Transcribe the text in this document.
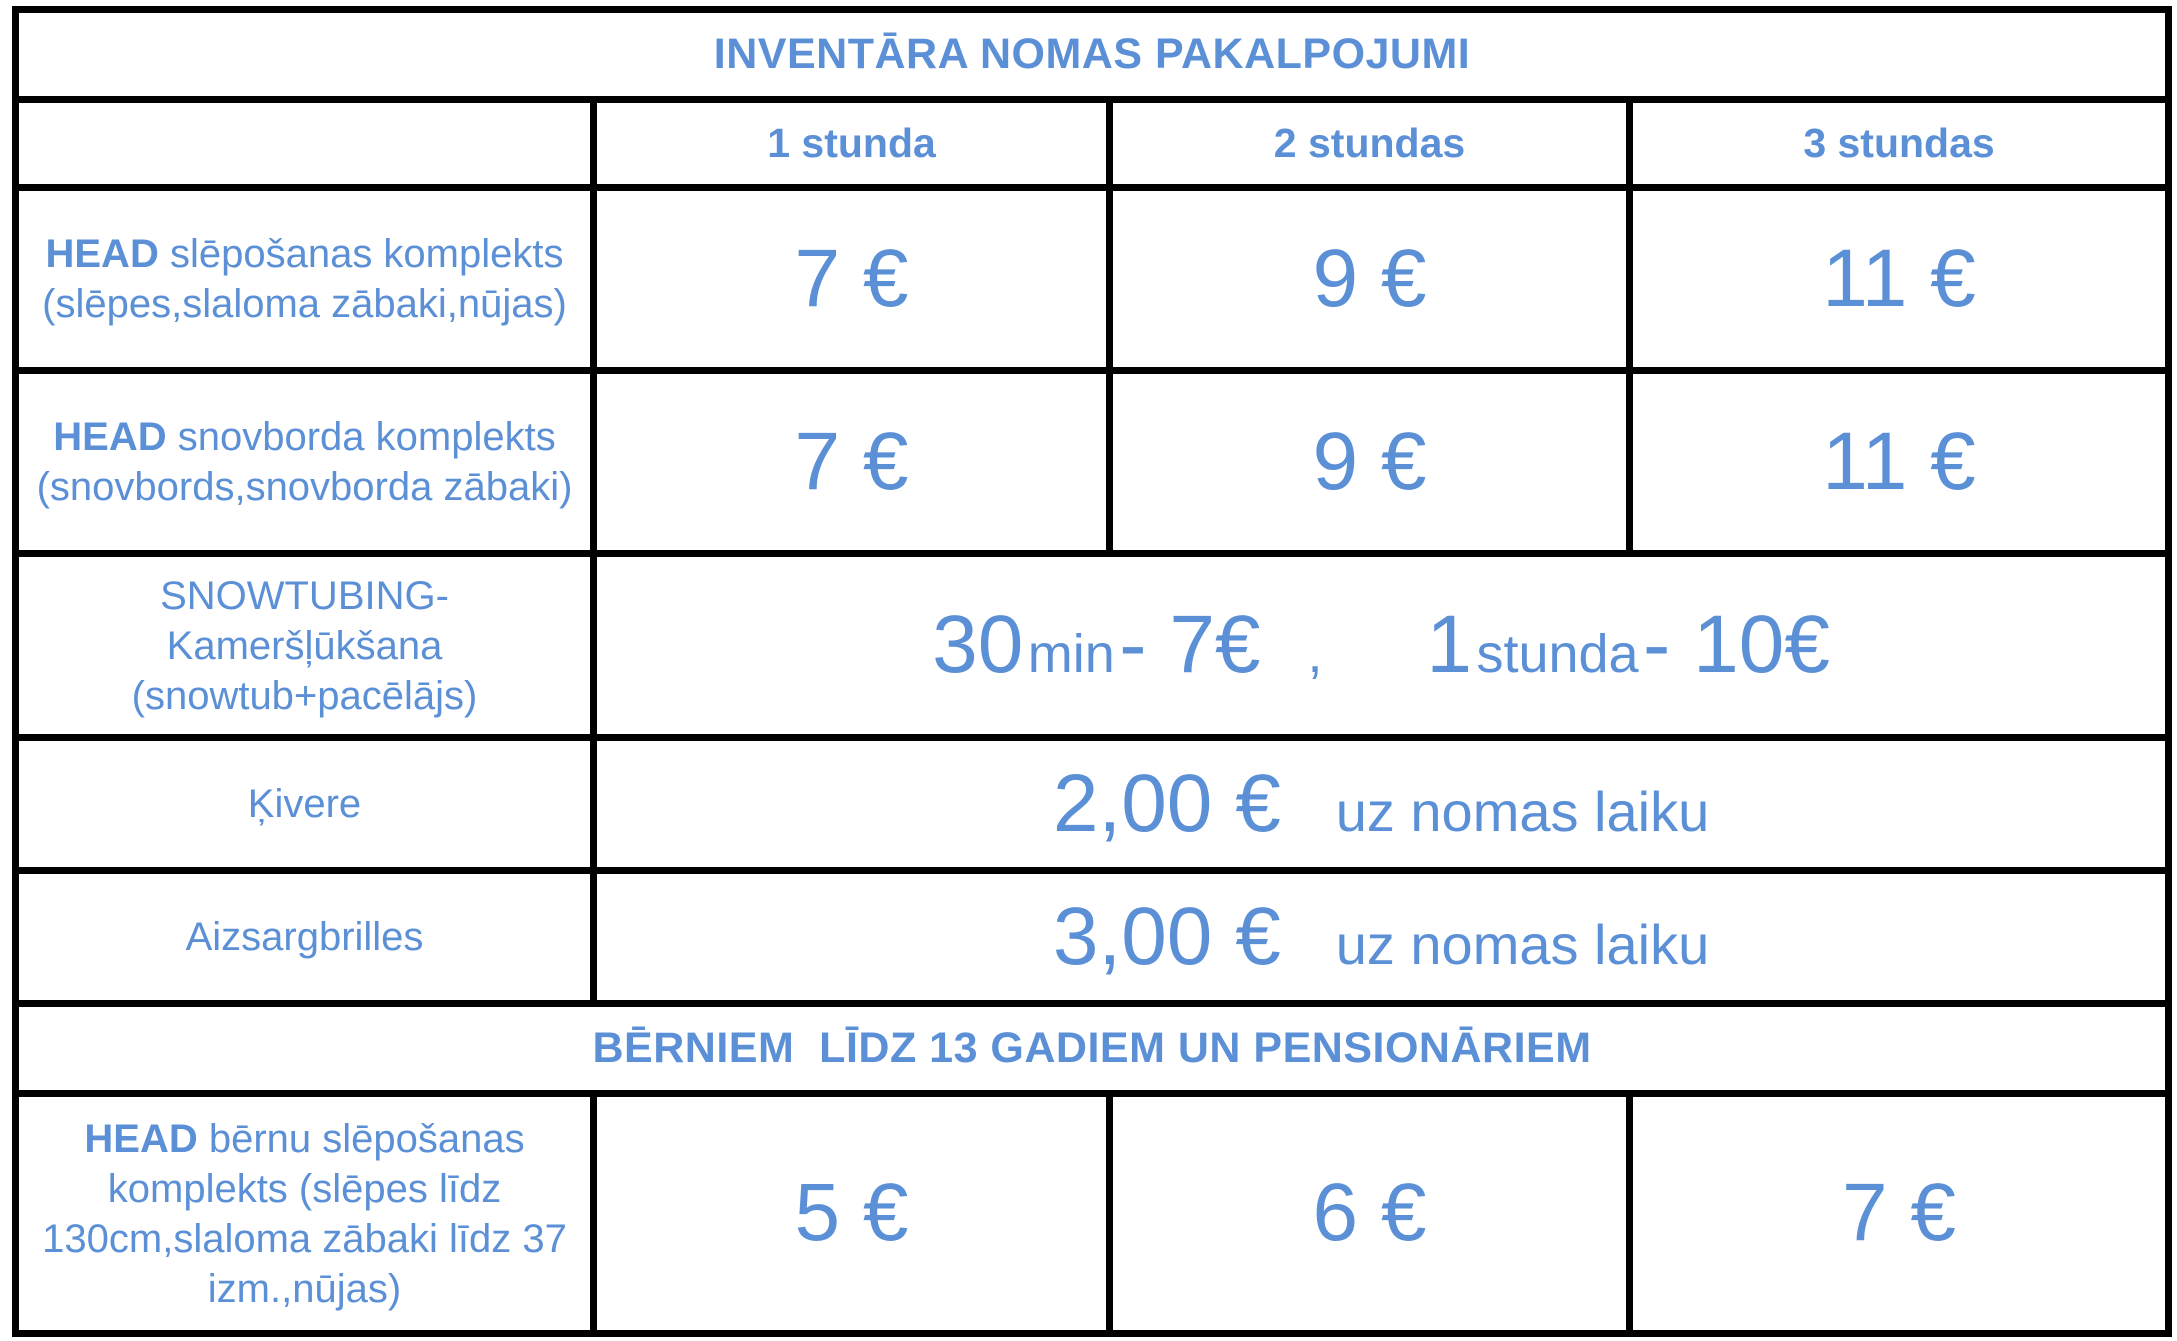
INVENTĀRA NOMAS PAKALPOJUMI			
	1 stunda	2 stundas	3 stundas
HEAD slēpošanas komplekts
(slēpes,slaloma zābaki,nūjas)	7 €	9 €	11 €
HEAD snovborda komplekts
(snovbords,snovborda zābaki)	7 €	9 €	11 €
SNOWTUBING-
Kameršļūkšana
(snowtub+pacēlājs)	30 min - 7€ , 1 stunda - 10€		
Ķivere	2,00 € uz nomas laiku		
Aizsargbrilles	3,00 € uz nomas laiku		
BĒRNIEM  LĪDZ 13 GADIEM UN PENSIONĀRIEM			
HEAD bērnu slēpošanas
komplekts (slēpes līdz
130cm,slaloma zābaki līdz 37
izm.,nūjas)	5 €	6 €	7 €
